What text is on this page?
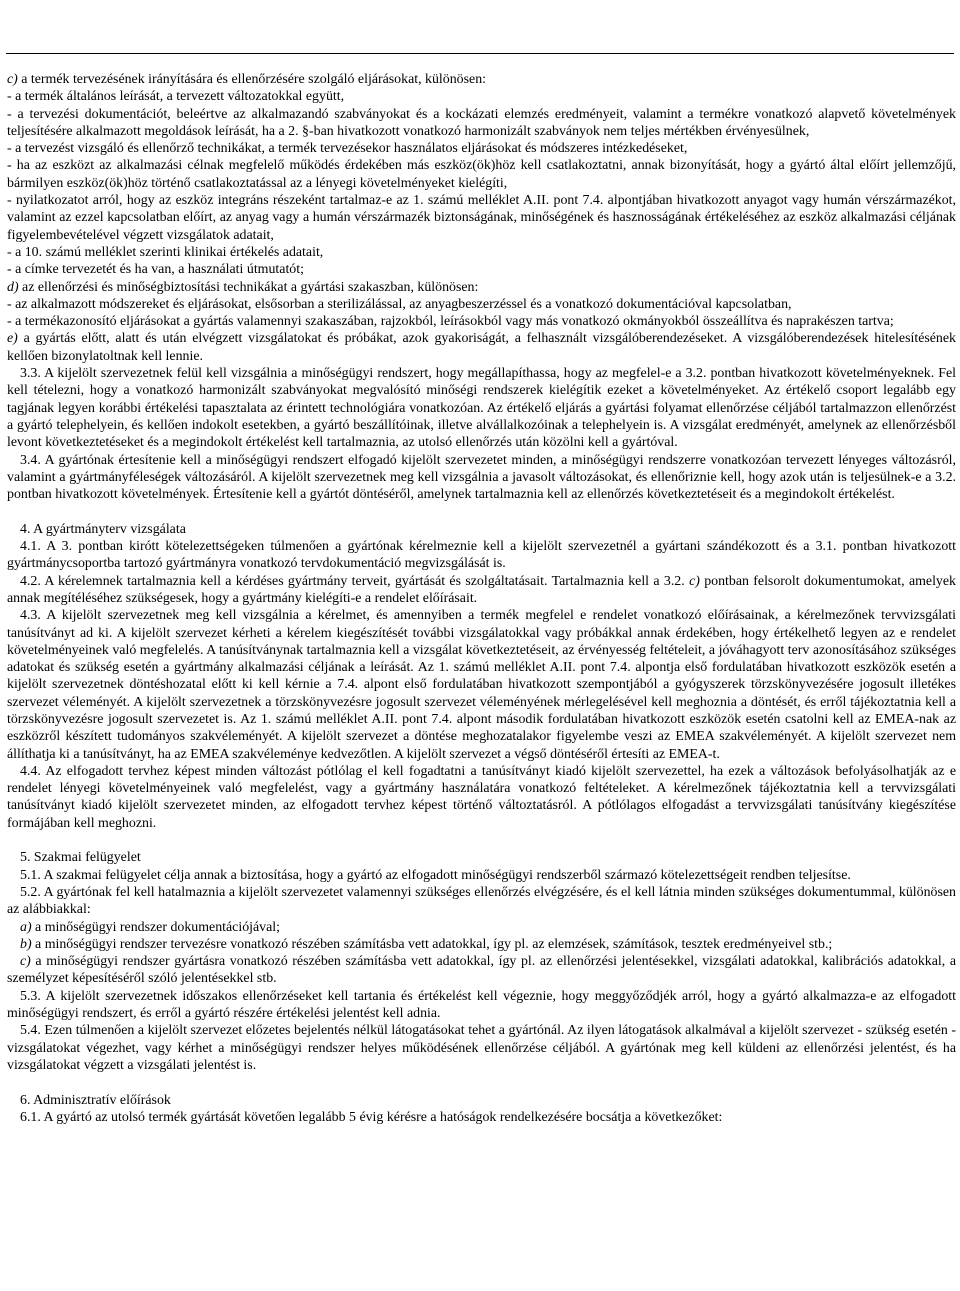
Lezárva: 2006. április 30.
Hatály: 2006.IV.11. - határozatlan
Hatályos - 16/2006. (III. 27.) EüM rendelet - az orvostechnikai eszközökről
CompLex Jogtár Plusz

12. oldal

c) a termék tervezésének irányítására és ellenőrzésére szolgáló eljárásokat, különösen:

- a termék általános leírását, a tervezett változatokkal együtt,

- a tervezési dokumentációt, beleértve az alkalmazandó szabványokat és a kockázati elemzés eredményeit, valamint a termékre vonatkozó alapvető követelmények teljesítésére alkalmazott megoldások leírását, ha a 2. §-ban hivatkozott vonatkozó harmonizált szabványok nem teljes mértékben érvényesülnek,

- a tervezést vizsgáló és ellenőrző technikákat, a termék tervezésekor használatos eljárásokat és módszeres intézkedéseket,

- ha az eszközt az alkalmazási célnak megfelelő működés érdekében más eszköz(ök)höz kell csatlakoztatni, annak bizonyítását, hogy a gyártó által előírt jellemzőjű, bármilyen eszköz(ök)höz történő csatlakoztatással az a lényegi követelményeket kielégíti,

- nyilatkozatot arról, hogy az eszköz integráns részeként tartalmaz-e az 1. számú melléklet A.II. pont 7.4. alpontjában hivatkozott anyagot vagy humán vérszármazékot, valamint az ezzel kapcsolatban előírt, az anyag vagy a humán vérszármazék biztonságának, minőségének és hasznosságának értékeléséhez az eszköz alkalmazási céljának figyelembevételével végzett vizsgálatok adatait,

- a 10. számú melléklet szerinti klinikai értékelés adatait,

- a címke tervezetét és ha van, a használati útmutatót;

d) az ellenőrzési és minőségbiztosítási technikákat a gyártási szakaszban, különösen:

- az alkalmazott módszereket és eljárásokat, elsősorban a sterilizálással, az anyagbeszerzéssel és a vonatkozó dokumentációval kapcsolatban,

- a termékazonosító eljárásokat a gyártás valamennyi szakaszában, rajzokból, leírásokból vagy más vonatkozó okmányokból összeállítva és naprakészen tartva;

e) a gyártás előtt, alatt és után elvégzett vizsgálatokat és próbákat, azok gyakoriságát, a felhasznált vizsgálóberendezéseket. A vizsgálóberendezések hitelesítésének kellően bizonylatoltnak kell lennie.

3.3. A kijelölt szervezetnek felül kell vizsgálnia a minőségügyi rendszert, hogy megállapíthassa, hogy az megfelel-e a 3.2. pontban hivatkozott követelményeknek. Fel kell tételezni, hogy a vonatkozó harmonizált szabványokat megvalósító minőségi rendszerek kielégítik ezeket a követelményeket. Az értékelő csoport legalább egy tagjának legyen korábbi értékelési tapasztalata az érintett technológiára vonatkozóan. Az értékelő eljárás a gyártási folyamat ellenőrzése céljából tartalmazzon ellenőrzést a gyártó telephelyein, és kellően indokolt esetekben, a gyártó beszállítóinak, illetve alvállalkozóinak a telephelyein is. A vizsgálat eredményét, amelynek az ellenőrzésből levont következtetéseket és a megindokolt értékelést kell tartalmaznia, az utolsó ellenőrzés után közölni kell a gyártóval.

3.4. A gyártónak értesítenie kell a minőségügyi rendszert elfogadó kijelölt szervezetet minden, a minőségügyi rendszerre vonatkozóan tervezett lényeges változásról, valamint a gyártmányféleségek változásáról. A kijelölt szervezetnek meg kell vizsgálnia a javasolt változásokat, és ellenőriznie kell, hogy azok után is teljesülnek-e a 3.2. pontban hivatkozott követelmények. Értesítenie kell a gyártót döntéséről, amelynek tartalmaznia kell az ellenőrzés következtetéseit és a megindokolt értékelést.

4. A gyártmányterv vizsgálata

4.1. A 3. pontban kirótt kötelezettségeken túlmenően a gyártónak kérelmeznie kell a kijelölt szervezetnél a gyártani szándékozott és a 3.1. pontban hivatkozott gyártmánycsoportba tartozó gyártmányra vonatkozó tervdokumentáció megvizsgálását is.

4.2. A kérelemnek tartalmaznia kell a kérdéses gyártmány terveit, gyártását és szolgáltatásait. Tartalmaznia kell a 3.2. c) pontban felsorolt dokumentumokat, amelyek annak megítéléséhez szükségesek, hogy a gyártmány kielégíti-e a rendelet előírásait.

4.3. A kijelölt szervezetnek meg kell vizsgálnia a kérelmet, és amennyiben a termék megfelel e rendelet vonatkozó előírásainak, a kérelmezőnek tervvizsgálati tanúsítványt ad ki. A kijelölt szervezet kérheti a kérelem kiegészítését további vizsgálatokkal vagy próbákkal annak érdekében, hogy értékelhető legyen az e rendelet követelményeinek való megfelelés. A tanúsítványnak tartalmaznia kell a vizsgálat következtetéseit, az érvényesség feltételeit, a jóváhagyott terv azonosításához szükséges adatokat és szükség esetén a gyártmány alkalmazási céljának a leírását. Az 1. számú melléklet A.II. pont 7.4. alpontja első fordulatában hivatkozott eszközök esetén a kijelölt szervezetnek döntéshozatal előtt ki kell kérnie a 7.4. alpont első fordulatában hivatkozott szempontjából a gyógyszerek törzskönyvezésére jogosult illetékes szervezet véleményét. A kijelölt szervezetnek a törzskönyvezésre jogosult szervezet véleményének mérlegelésével kell meghoznia a döntését, és erről tájékoztatnia kell a törzskönyvezésre jogosult szervezetet is. Az 1. számú melléklet A.II. pont 7.4. alpont második fordulatában hivatkozott eszközök esetén csatolni kell az EMEA-nak az eszközről készített tudományos szakvéleményét. A kijelölt szervezet a döntése meghozatalakor figyelembe veszi az EMEA szakvéleményét. A kijelölt szervezet nem állíthatja ki a tanúsítványt, ha az EMEA szakvéleménye kedvezőtlen. A kijelölt szervezet a végső döntéséről értesíti az EMEA-t.

4.4. Az elfogadott tervhez képest minden változást pótlólag el kell fogadtatni a tanúsítványt kiadó kijelölt szervezettel, ha ezek a változások befolyásolhatják az e rendelet lényegi követelményeinek való megfelelést, vagy a gyártmány használatára vonatkozó feltételeket. A kérelmezőnek tájékoztatnia kell a tervvizsgálati tanúsítványt kiadó kijelölt szervezetet minden, az elfogadott tervhez képest történő változtatásról. A pótlólagos elfogadást a tervvizsgálati tanúsítvány kiegészítése formájában kell meghozni.

5. Szakmai felügyelet

5.1. A szakmai felügyelet célja annak a biztosítása, hogy a gyártó az elfogadott minőségügyi rendszerből származó kötelezettségeit rendben teljesítse.

5.2. A gyártónak fel kell hatalmaznia a kijelölt szervezetet valamennyi szükséges ellenőrzés elvégzésére, és el kell látnia minden szükséges dokumentummal, különösen az alábbiakkal:

a) a minőségügyi rendszer dokumentációjával;

b) a minőségügyi rendszer tervezésre vonatkozó részében számításba vett adatokkal, így pl. az elemzések, számítások, tesztek eredményeivel stb.;

c) a minőségügyi rendszer gyártásra vonatkozó részében számításba vett adatokkal, így pl. az ellenőrzési jelentésekkel, vizsgálati adatokkal, kalibrációs adatokkal, a személyzet képesítéséről szóló jelentésekkel stb.

5.3. A kijelölt szervezetnek időszakos ellenőrzéseket kell tartania és értékelést kell végeznie, hogy meggyőződjék arról, hogy a gyártó alkalmazza-e az elfogadott minőségügyi rendszert, és erről a gyártó részére értékelési jelentést kell adnia.

5.4. Ezen túlmenően a kijelölt szervezet előzetes bejelentés nélkül látogatásokat tehet a gyártónál. Az ilyen látogatások alkalmával a kijelölt szervezet - szükség esetén - vizsgálatokat végezhet, vagy kérhet a minőségügyi rendszer helyes működésének ellenőrzése céljából. A gyártónak meg kell küldeni az ellenőrzési jelentést, és ha vizsgálatokat végzett a vizsgálati jelentést is.

6. Adminisztratív előírások

6.1. A gyártó az utolsó termék gyártását követően legalább 5 évig kérésre a hatóságok rendelkezésére bocsátja a következőket:
